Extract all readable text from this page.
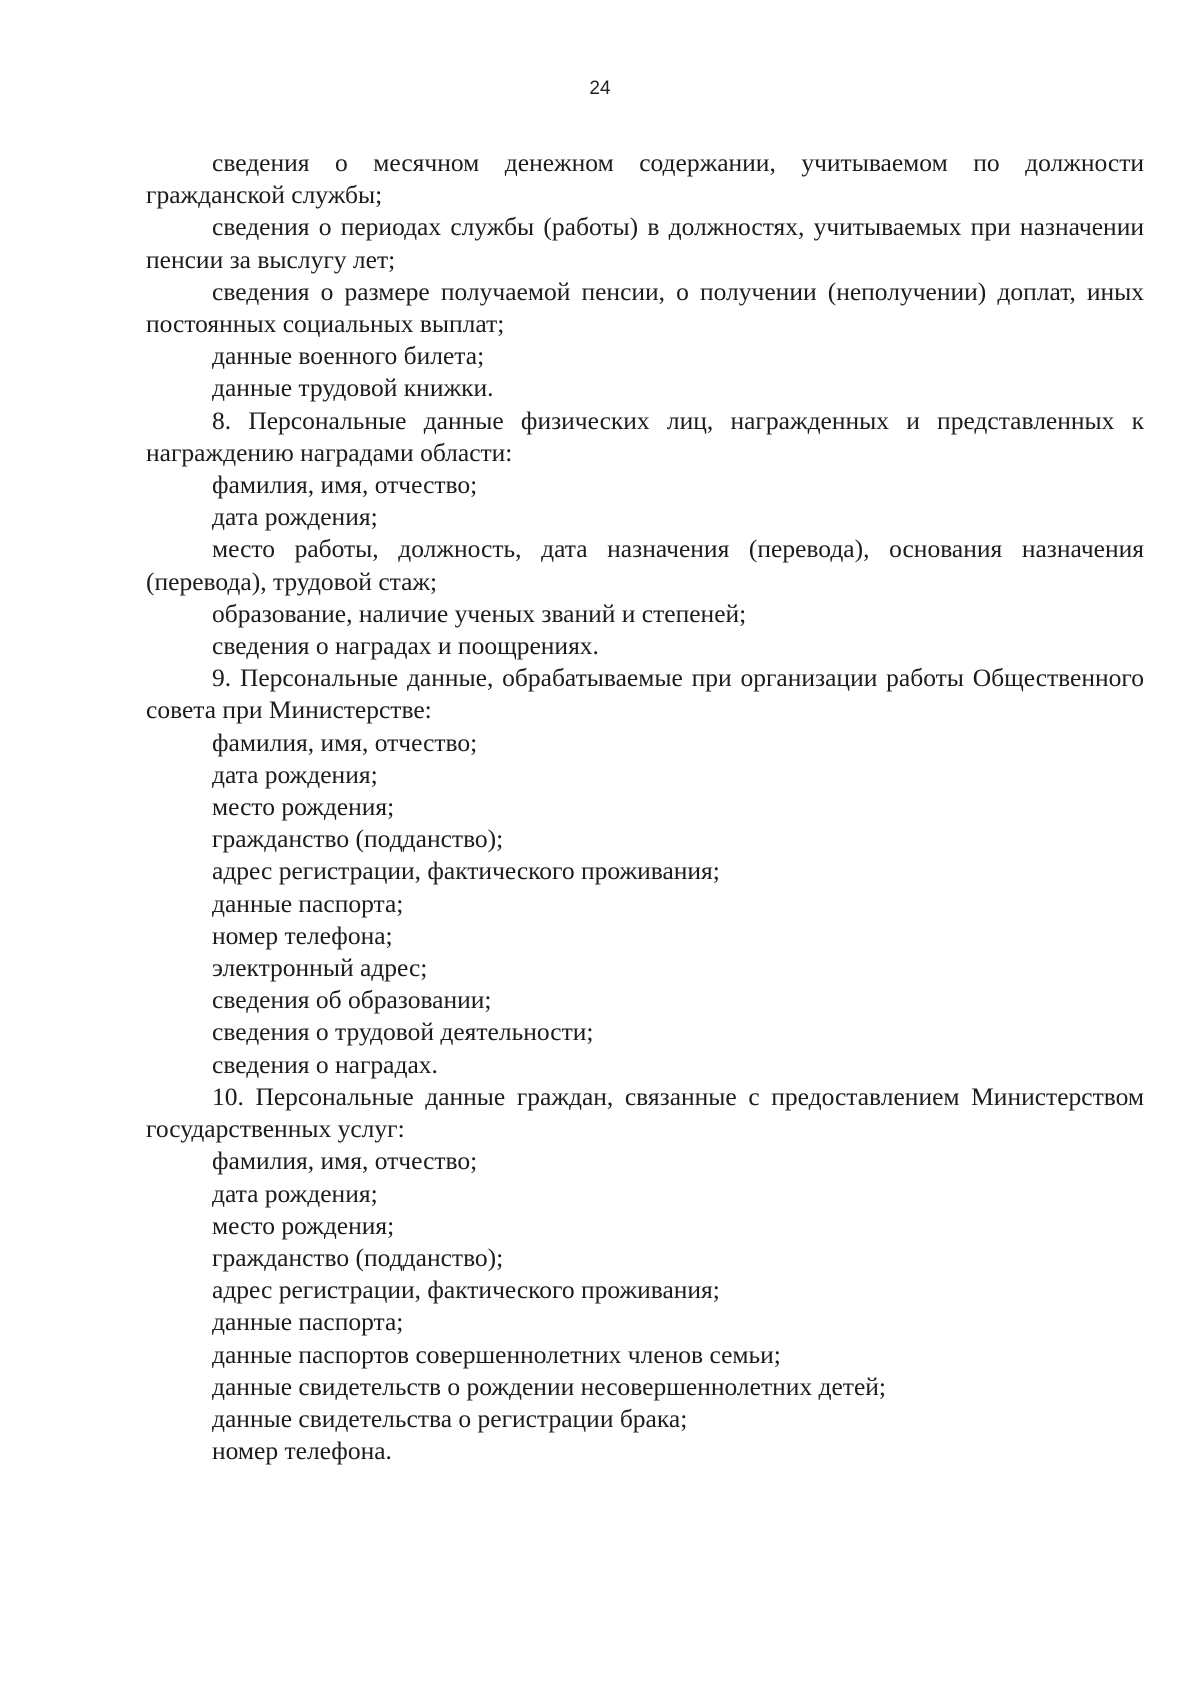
24

сведения о месячном денежном содержании, учитываемом по должности гражданской службы;

сведения о периодах службы (работы) в должностях, учитываемых при назначении пенсии за выслугу лет;

сведения о размере получаемой пенсии, о получении (неполучении) доплат, иных постоянных социальных выплат;

данные военного билета;

данные трудовой книжки.

8. Персональные данные физических лиц, награжденных и представленных к награждению наградами области:

фамилия, имя, отчество;

дата рождения;

место работы, должность, дата назначения (перевода), основания назначения (перевода), трудовой стаж;

образование, наличие ученых званий и степеней;

сведения о наградах и поощрениях.

9. Персональные данные, обрабатываемые при организации работы Общественного совета при Министерстве:

фамилия, имя, отчество;

дата рождения;

место рождения;

гражданство (подданство);

адрес регистрации, фактического проживания;

данные паспорта;

номер телефона;

электронный адрес;

сведения об образовании;

сведения о трудовой деятельности;

сведения о наградах.

10. Персональные данные граждан, связанные с предоставлением Министерством государственных услуг:

фамилия, имя, отчество;

дата рождения;

место рождения;

гражданство (подданство);

адрес регистрации, фактического проживания;

данные паспорта;

данные паспортов совершеннолетних членов семьи;

данные свидетельств о рождении несовершеннолетних детей;

данные свидетельства о регистрации брака;

номер телефона.
